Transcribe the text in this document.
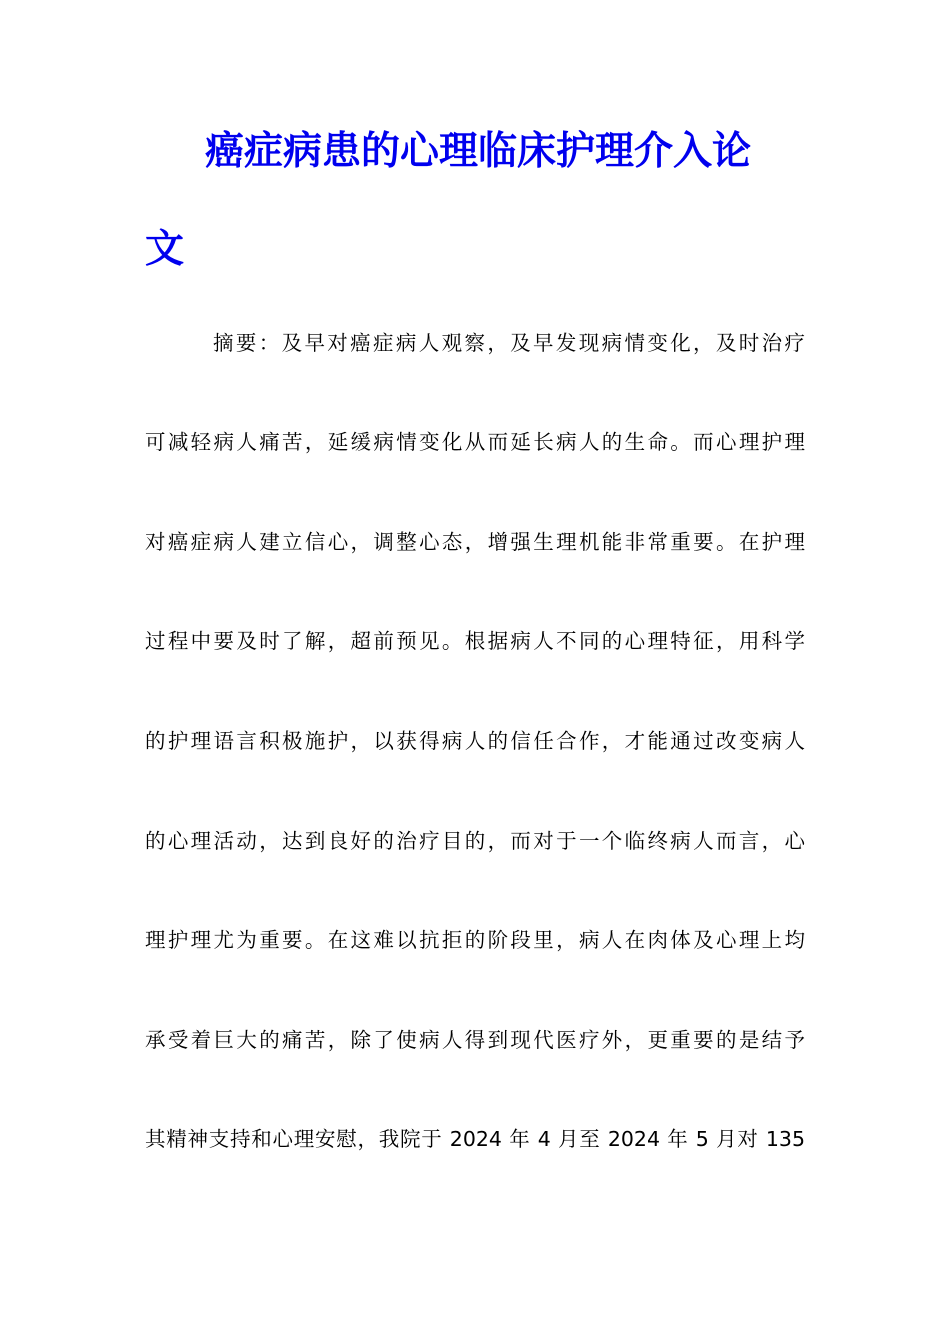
癌症病患的心理临床护理介入论
文
摘要：及早对癌症病人观察，及早发现病情变化，及时治疗
可减轻病人痛苦，延缓病情变化从而延长病人的生命。而心理护理
对癌症病人建立信心，调整心态，增强生理机能非常重要。在护理
过程中要及时了解，超前预见。根据病人不同的心理特征，用科学
的护理语言积极施护，以获得病人的信任合作，才能通过改变病人
的心理活动，达到良好的治疗目的，而对于一个临终病人而言，心
理护理尤为重要。在这难以抗拒的阶段里，病人在肉体及心理上均
承受着巨大的痛苦，除了使病人得到现代医疗外，更重要的是结予
其精神支持和心理安慰，我院于 2024 年 4 月至 2024 年 5 月对 135
